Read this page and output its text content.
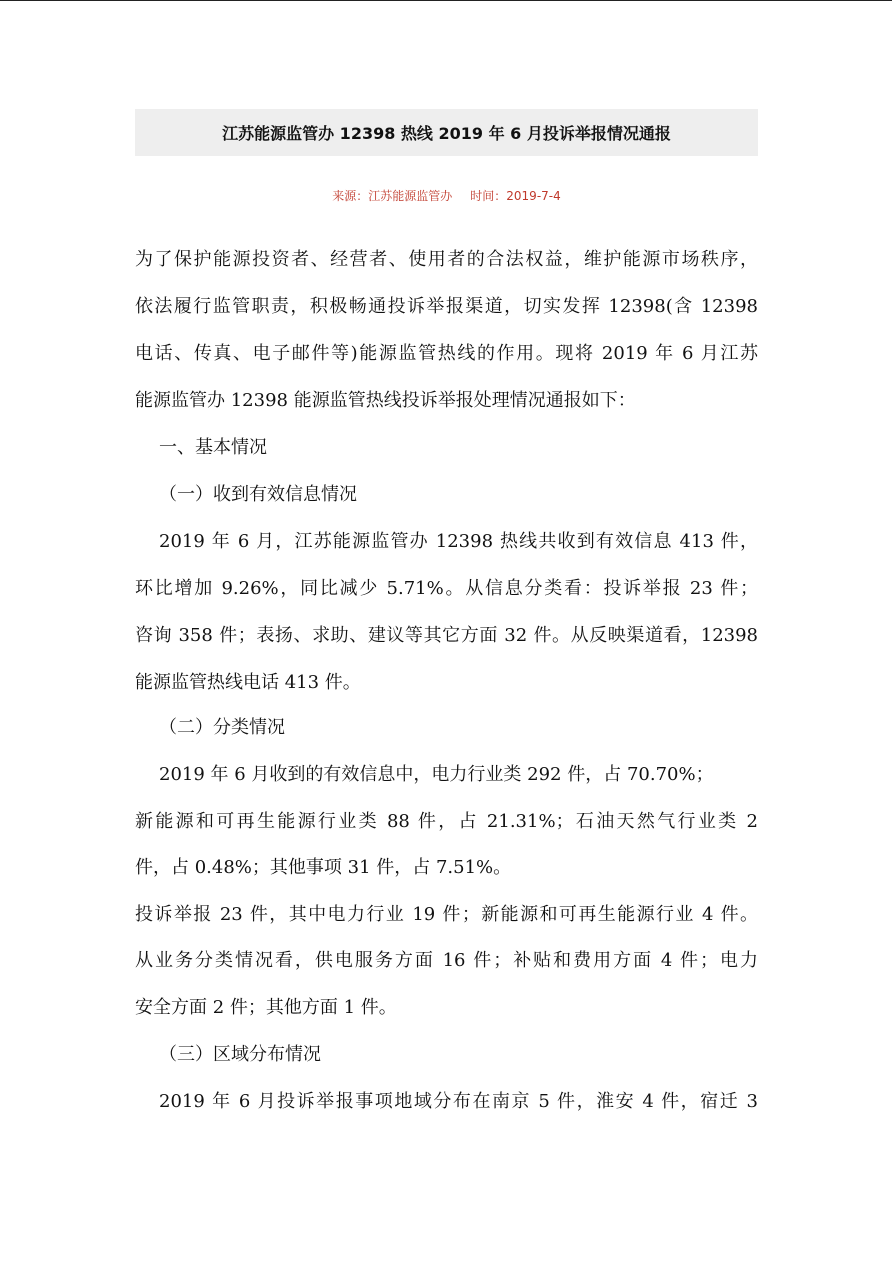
江苏能源监管办 12398 热线 2019 年 6 月投诉举报情况通报
来源：江苏能源监管办 时间：2019-7-4
为了保护能源投资者、经营者、使用者的合法权益，维护能源市场秩序，
依法履行监管职责，积极畅通投诉举报渠道，切实发挥 12398(含 12398
电话、传真、电子邮件等)能源监管热线的作用。现将 2019 年 6 月江苏
能源监管办 12398 能源监管热线投诉举报处理情况通报如下：
一、基本情况
（一）收到有效信息情况
2019 年 6 月，江苏能源监管办 12398 热线共收到有效信息 413 件，
环比增加 9.26%，同比减少 5.71%。从信息分类看：投诉举报 23 件；
咨询 358 件；表扬、求助、建议等其它方面 32 件。从反映渠道看，12398
能源监管热线电话 413 件。
（二）分类情况
2019 年 6 月收到的有效信息中，电力行业类 292 件，占 70.70%；
新能源和可再生能源行业类 88 件，占 21.31%；石油天然气行业类 2
件，占 0.48%；其他事项 31 件，占 7.51%。
投诉举报 23 件，其中电力行业 19 件；新能源和可再生能源行业 4 件。
从业务分类情况看，供电服务方面 16 件；补贴和费用方面 4 件；电力
安全方面 2 件；其他方面 1 件。
（三）区域分布情况
2019 年 6 月投诉举报事项地域分布在南京 5 件，淮安 4 件，宿迁 3
